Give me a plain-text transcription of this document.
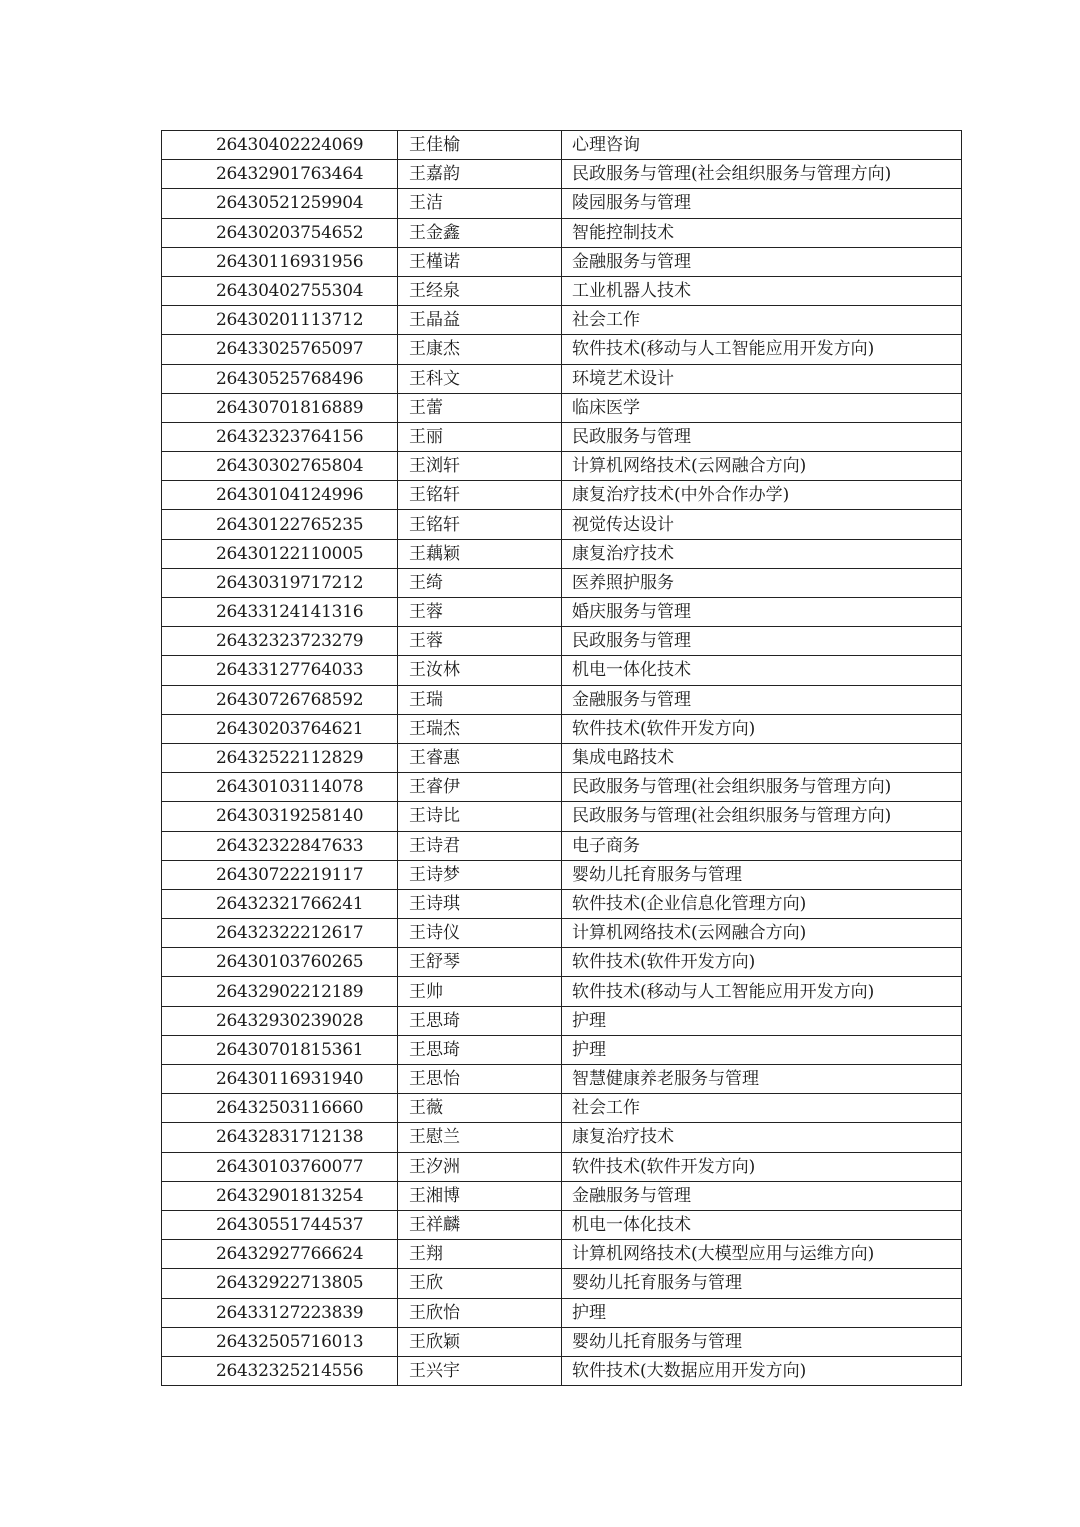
26430402224069	王佳榆	心理咨询
26432901763464	王嘉韵	民政服务与管理(社会组织服务与管理方向)
26430521259904	王洁	陵园服务与管理
26430203754652	王金鑫	智能控制技术
26430116931956	王槿诺	金融服务与管理
26430402755304	王经泉	工业机器人技术
26430201113712	王晶益	社会工作
26433025765097	王康杰	软件技术(移动与人工智能应用开发方向)
26430525768496	王科文	环境艺术设计
26430701816889	王蕾	临床医学
26432323764156	王丽	民政服务与管理
26430302765804	王浏轩	计算机网络技术(云网融合方向)
26430104124996	王铭轩	康复治疗技术(中外合作办学)
26430122765235	王铭轩	视觉传达设计
26430122110005	王藕颖	康复治疗技术
26430319717212	王绮	医养照护服务
26433124141316	王蓉	婚庆服务与管理
26432323723279	王蓉	民政服务与管理
26433127764033	王汝林	机电一体化技术
26430726768592	王瑞	金融服务与管理
26430203764621	王瑞杰	软件技术(软件开发方向)
26432522112829	王睿惠	集成电路技术
26430103114078	王睿伊	民政服务与管理(社会组织服务与管理方向)
26430319258140	王诗比	民政服务与管理(社会组织服务与管理方向)
26432322847633	王诗君	电子商务
26430722219117	王诗梦	婴幼儿托育服务与管理
26432321766241	王诗琪	软件技术(企业信息化管理方向)
26432322212617	王诗仪	计算机网络技术(云网融合方向)
26430103760265	王舒琴	软件技术(软件开发方向)
26432902212189	王帅	软件技术(移动与人工智能应用开发方向)
26432930239028	王思琦	护理
26430701815361	王思琦	护理
26430116931940	王思怡	智慧健康养老服务与管理
26432503116660	王薇	社会工作
26432831712138	王慰兰	康复治疗技术
26430103760077	王汐洲	软件技术(软件开发方向)
26432901813254	王湘博	金融服务与管理
26430551744537	王祥麟	机电一体化技术
26432927766624	王翔	计算机网络技术(大模型应用与运维方向)
26432922713805	王欣	婴幼儿托育服务与管理
26433127223839	王欣怡	护理
26432505716013	王欣颖	婴幼儿托育服务与管理
26432325214556	王兴宇	软件技术(大数据应用开发方向)
